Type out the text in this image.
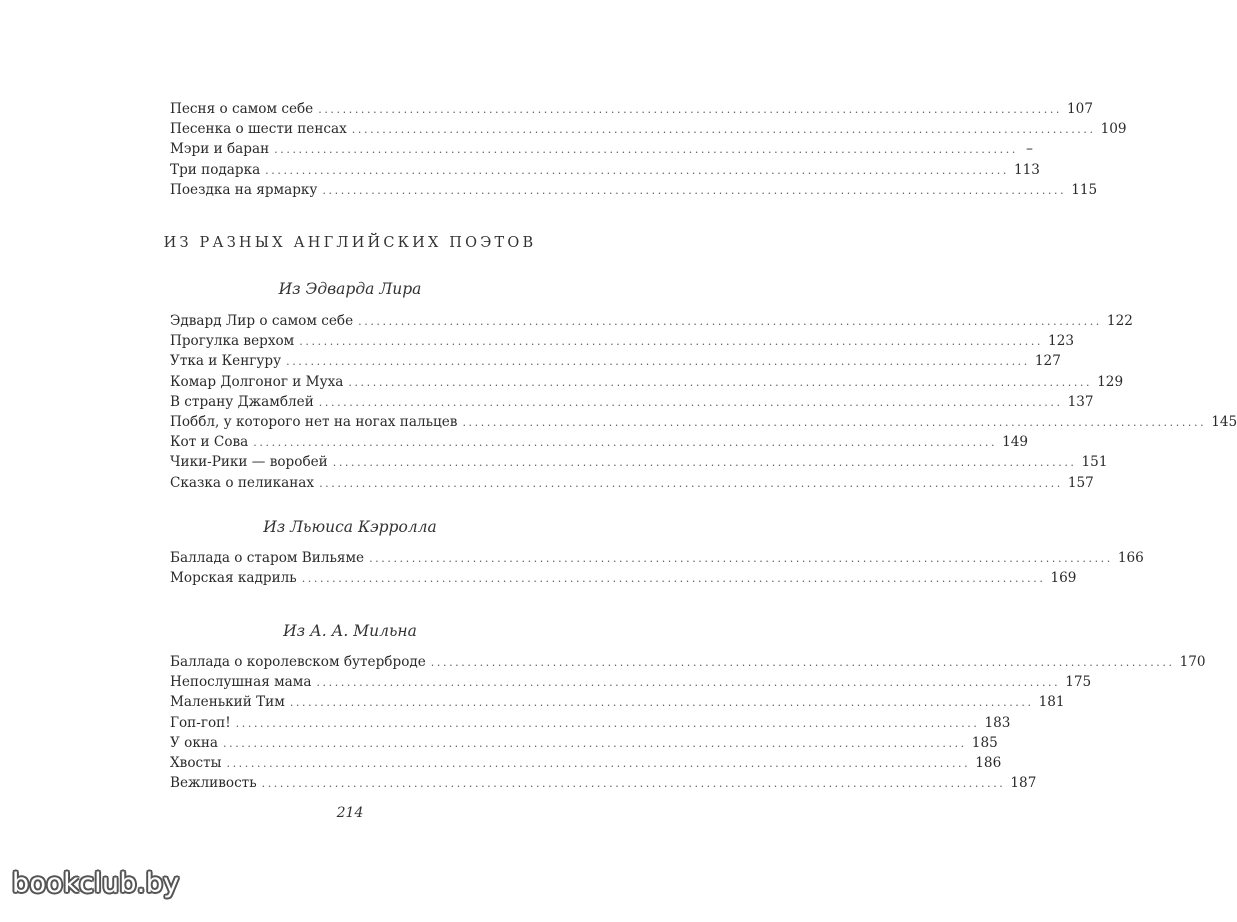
Песня о самом себе .......................................................................................................................... 107
Песенка о шести пенсах .......................................................................................................................... 109
Мэри и баран .......................................................................................................................... –
Три подарка .......................................................................................................................... 113
Поездка на ярмарку .......................................................................................................................... 115
ИЗ РАЗНЫХ АНГЛИЙСКИХ ПОЭТОВ
Из Эдварда Лира
Эдвард Лир о самом себе .......................................................................................................................... 122
Прогулка верхом .......................................................................................................................... 123
Утка и Кенгуру .......................................................................................................................... 127
Комар Долгоног и Муха .......................................................................................................................... 129
В страну Джамблей .......................................................................................................................... 137
Поббл, у которого нет на ногах пальцев .......................................................................................................................... 145
Кот и Сова .......................................................................................................................... 149
Чики-Рики — воробей .......................................................................................................................... 151
Сказка о пеликанах .......................................................................................................................... 157
Из Льюиса Кэрролла
Баллада о старом Вильяме .......................................................................................................................... 166
Морская кадриль .......................................................................................................................... 169
Из А. А. Мильна
Баллада о королевском бутерброде .......................................................................................................................... 170
Непослушная мама .......................................................................................................................... 175
Маленький Тим .......................................................................................................................... 181
Гоп-гоп! .......................................................................................................................... 183
У окна .......................................................................................................................... 185
Хвосты .......................................................................................................................... 186
Вежливость .......................................................................................................................... 187
214
bookclub.by
